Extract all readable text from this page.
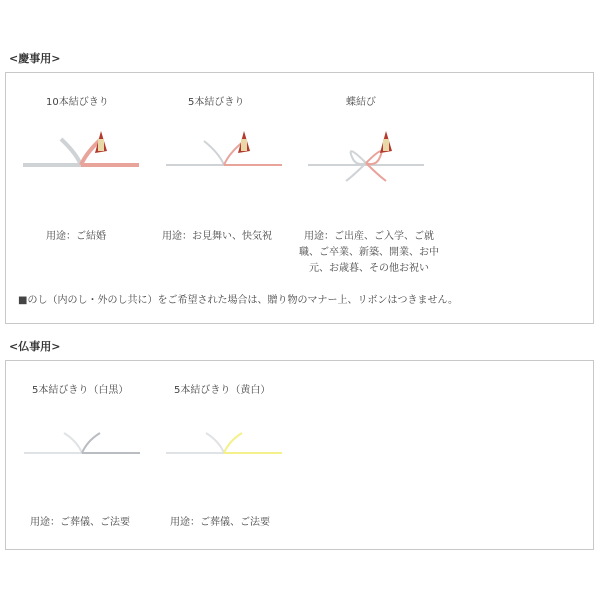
<慶事用>
10本結びきり
用途：ご結婚
5本結びきり
用途：お見舞い、快気祝
蝶結び
用途：ご出産、ご入学、ご就
職、ご卒業、新築、開業、お中
元、お歳暮、その他お祝い
■のし（内のし・外のし共に）をご希望された場合は、贈り物のマナー上、リボンはつきません。
<仏事用>
5本結びきり（白黒）
用途：ご葬儀、ご法要
5本結びきり（黄白）
用途：ご葬儀、ご法要
